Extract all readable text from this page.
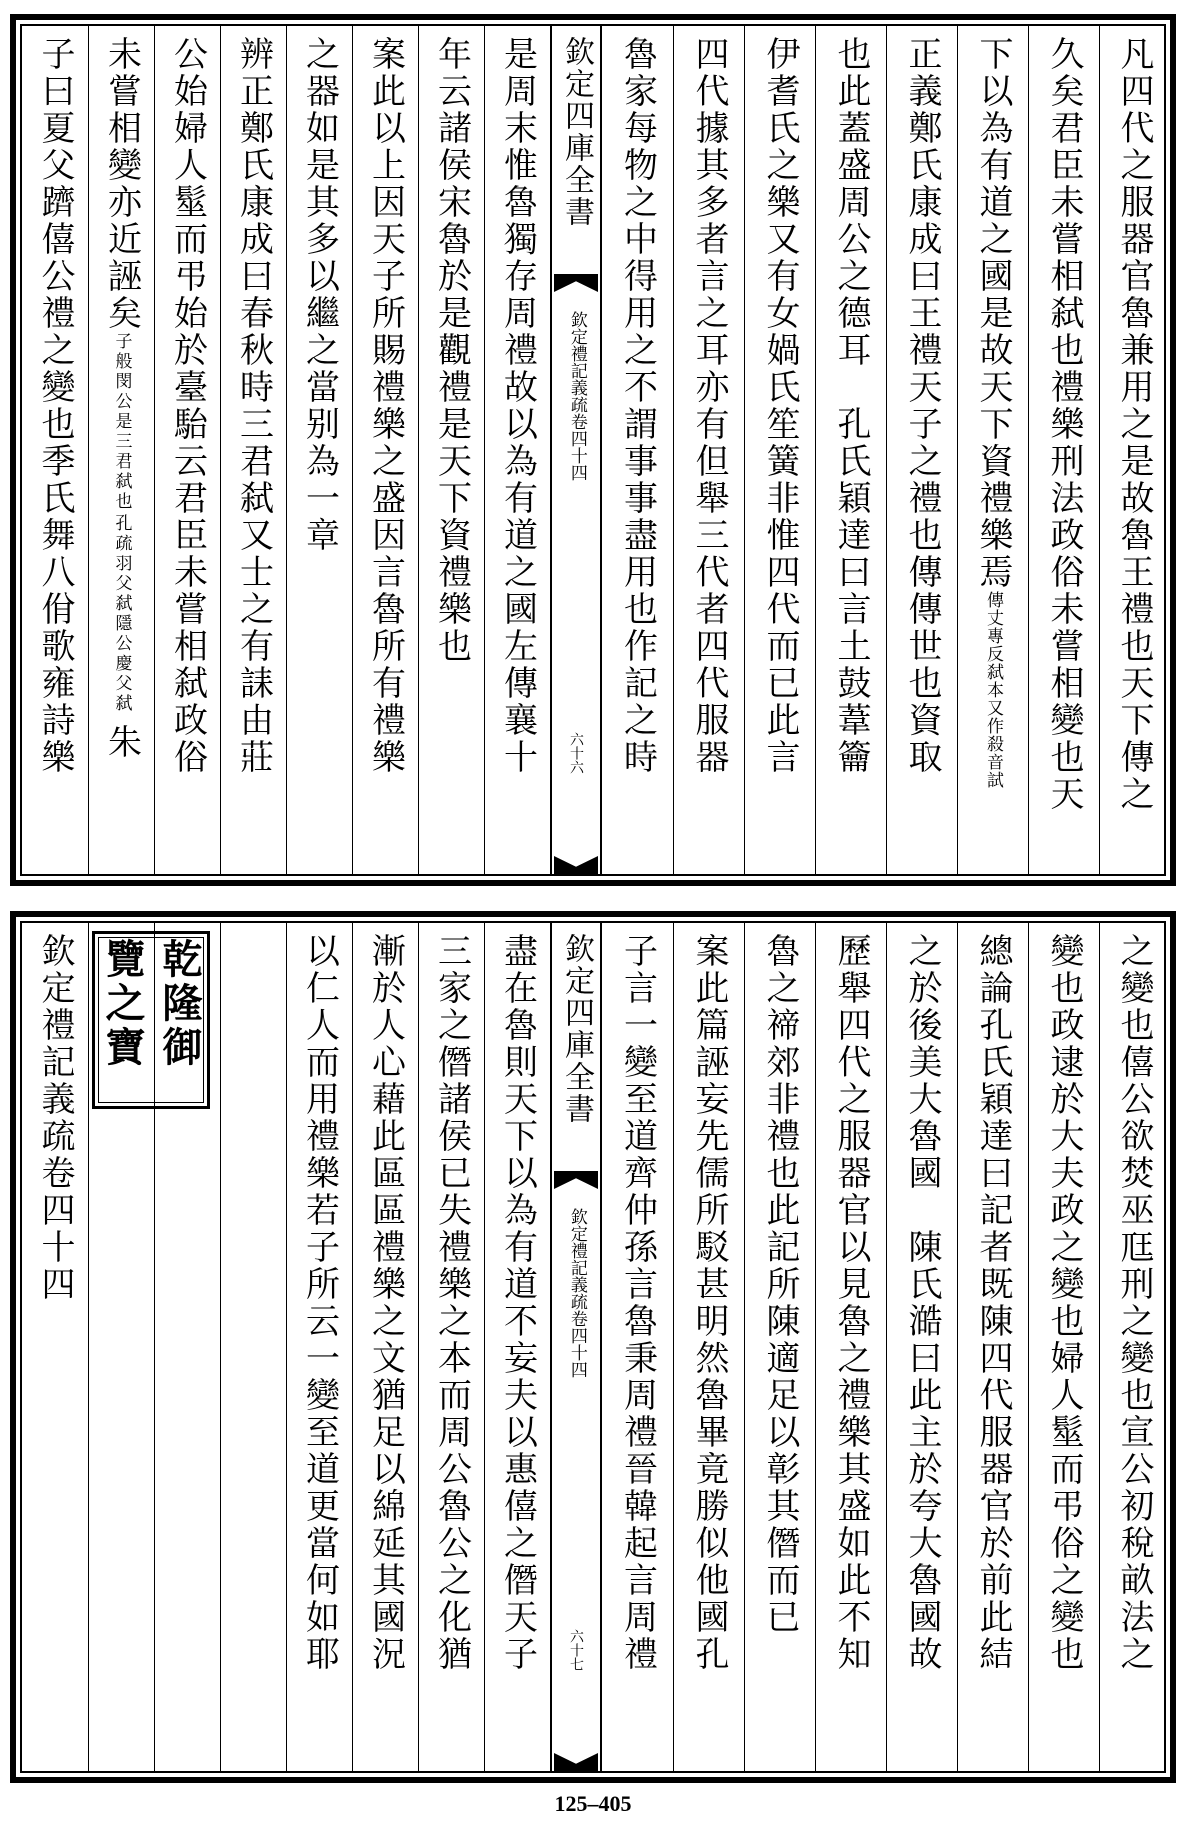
子曰夏父躋僖公禮之變也季氏舞八佾歌雍詩樂 未嘗相變亦近誣矣
孔疏羽父弑隱公慶父弑
子般閔公是三君弑也
朱 公始婦人髽而弔始於臺駘云君臣未嘗相弑政俗 辨正鄭氏康成曰春秋時三君弑又士之有誄由莊 之器如是其多以繼之當别為一章 案此以上因天子所賜禮樂之盛因言魯所有禮樂 年云諸侯宋魯於是觀禮是天下資禮樂也 是周末惟魯獨存周禮故以為有道之國左傳襄十 欽定四庫全書
欽定禮記義疏卷四十四
六十六 魯家每物之中得用之不謂事事盡用也作記之時 四代據其多者言之耳亦有但舉三代者四代服器 伊耆氏之樂又有女媧氏笙簧非惟四代而已此言 也此蓋盛周公之德耳　孔氏穎達曰言土鼓葦籥 正義鄭氏康成曰王禮天子之禮也傳傳世也資取 下以為有道之國是故天下資禮樂焉傳丈專反弑本又作殺音試 久矣君臣未嘗相弑也禮樂刑法政俗未嘗相變也天 凡四代之服器官魯兼用之是故魯王禮也天下傳之
欽定禮記義疏卷四十四	以仁人而用禮樂若子所云一變至道更當何如耶 漸於人心藉此區區禮樂之文猶足以綿延其國況 三家之僭諸侯已失禮樂之本而周公魯公之化猶 盡在魯則天下以為有道不妄夫以惠僖之僭天子
乾隆御覽之寶	欽定四庫全書
欽定禮記義疏卷四十四
六十七 子言一變至道齊仲孫言魯秉周禮晉韓起言周禮 案此篇誣妄先儒所駁甚明然魯畢竟勝似他國孔 魯之禘郊非禮也此記所陳適足以彰其僭而已 歷舉四代之服器官以見魯之禮樂其盛如此不知 之於後美大魯國　陳氏澔曰此主於夸大魯國故 總論孔氏穎達曰記者既陳四代服器官於前此結 變也政逮於大夫政之變也婦人髽而弔俗之變也 之變也僖公欲焚巫尫刑之變也宣公初稅畝法之
125–405
